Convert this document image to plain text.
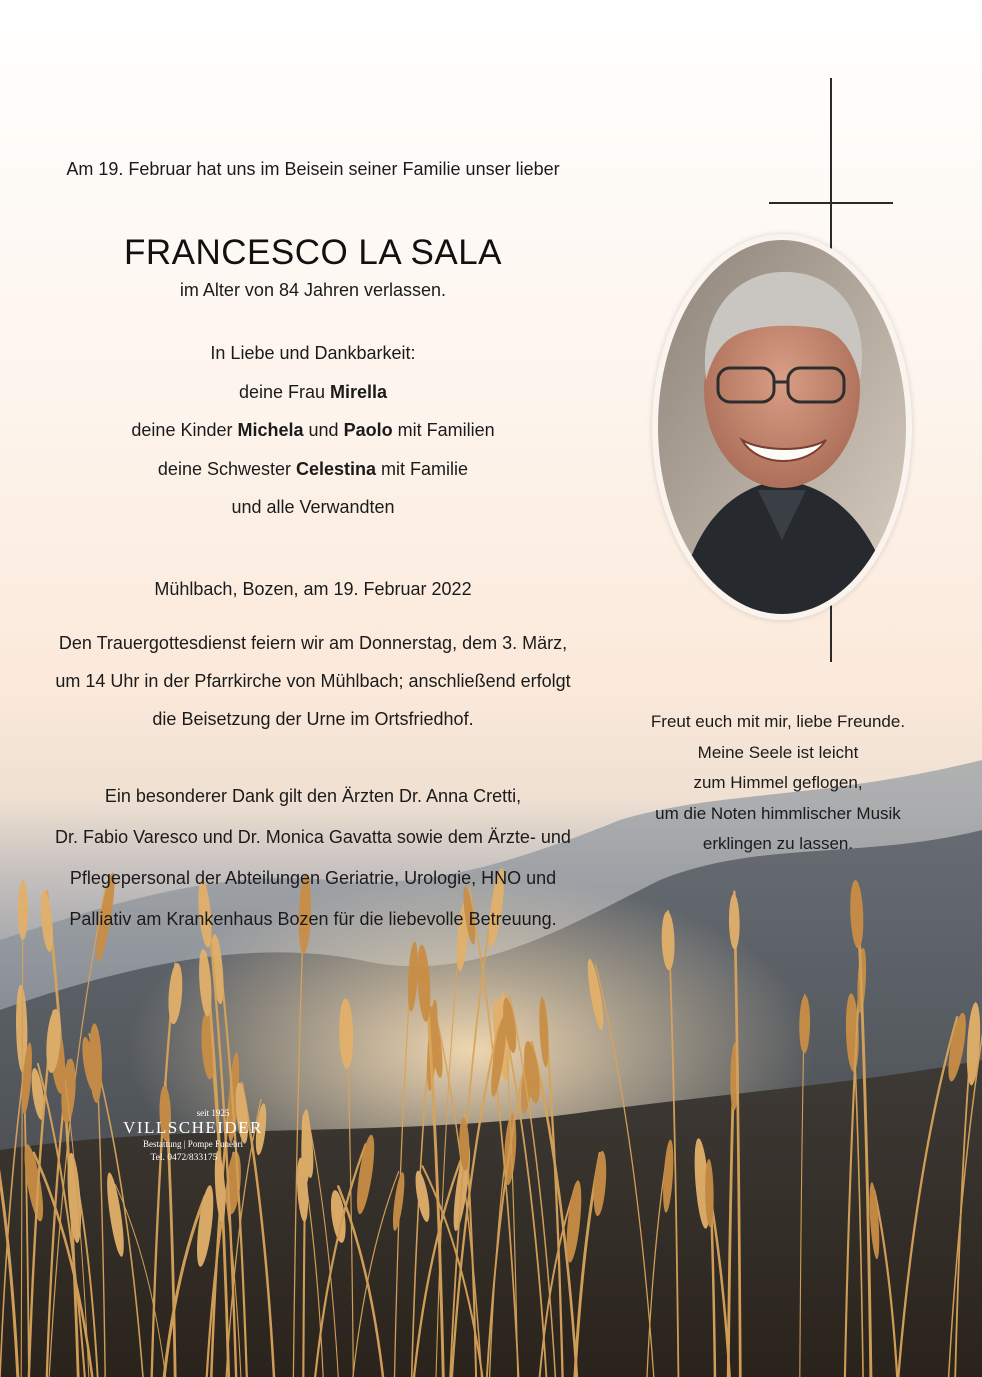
Am 19. Februar hat uns im Beisein seiner Familie unser lieber

FRANCESCO LA SALA

im Alter von 84 Jahren verlassen.

In Liebe und Dankbarkeit:

deine Frau Mirella

deine Kinder Michela und Paolo mit Familien

deine Schwester Celestina mit Familie

und alle Verwandten

Mühlbach, Bozen, am 19. Februar 2022

Den Trauergottesdienst feiern wir am Donnerstag, dem 3. März,

um 14 Uhr in der Pfarrkirche von Mühlbach; anschließend erfolgt

die Beisetzung der Urne im Ortsfriedhof.

Ein besonderer Dank gilt den Ärzten Dr. Anna Cretti,

Dr. Fabio Varesco und Dr. Monica Gavatta sowie dem Ärzte- und

Pflegepersonal der Abteilungen Geriatrie, Urologie, HNO und

Palliativ am Krankenhaus Bozen für die liebevolle Betreuung.

Freut euch mit mir, liebe Freunde.

Meine Seele ist leicht

zum Himmel geflogen,

um die Noten himmlischer Musik

erklingen zu lassen.

seit 1925
VILLSCHEIDER
Bestattung | Pompe Funebri
Tel. 0472/833175
